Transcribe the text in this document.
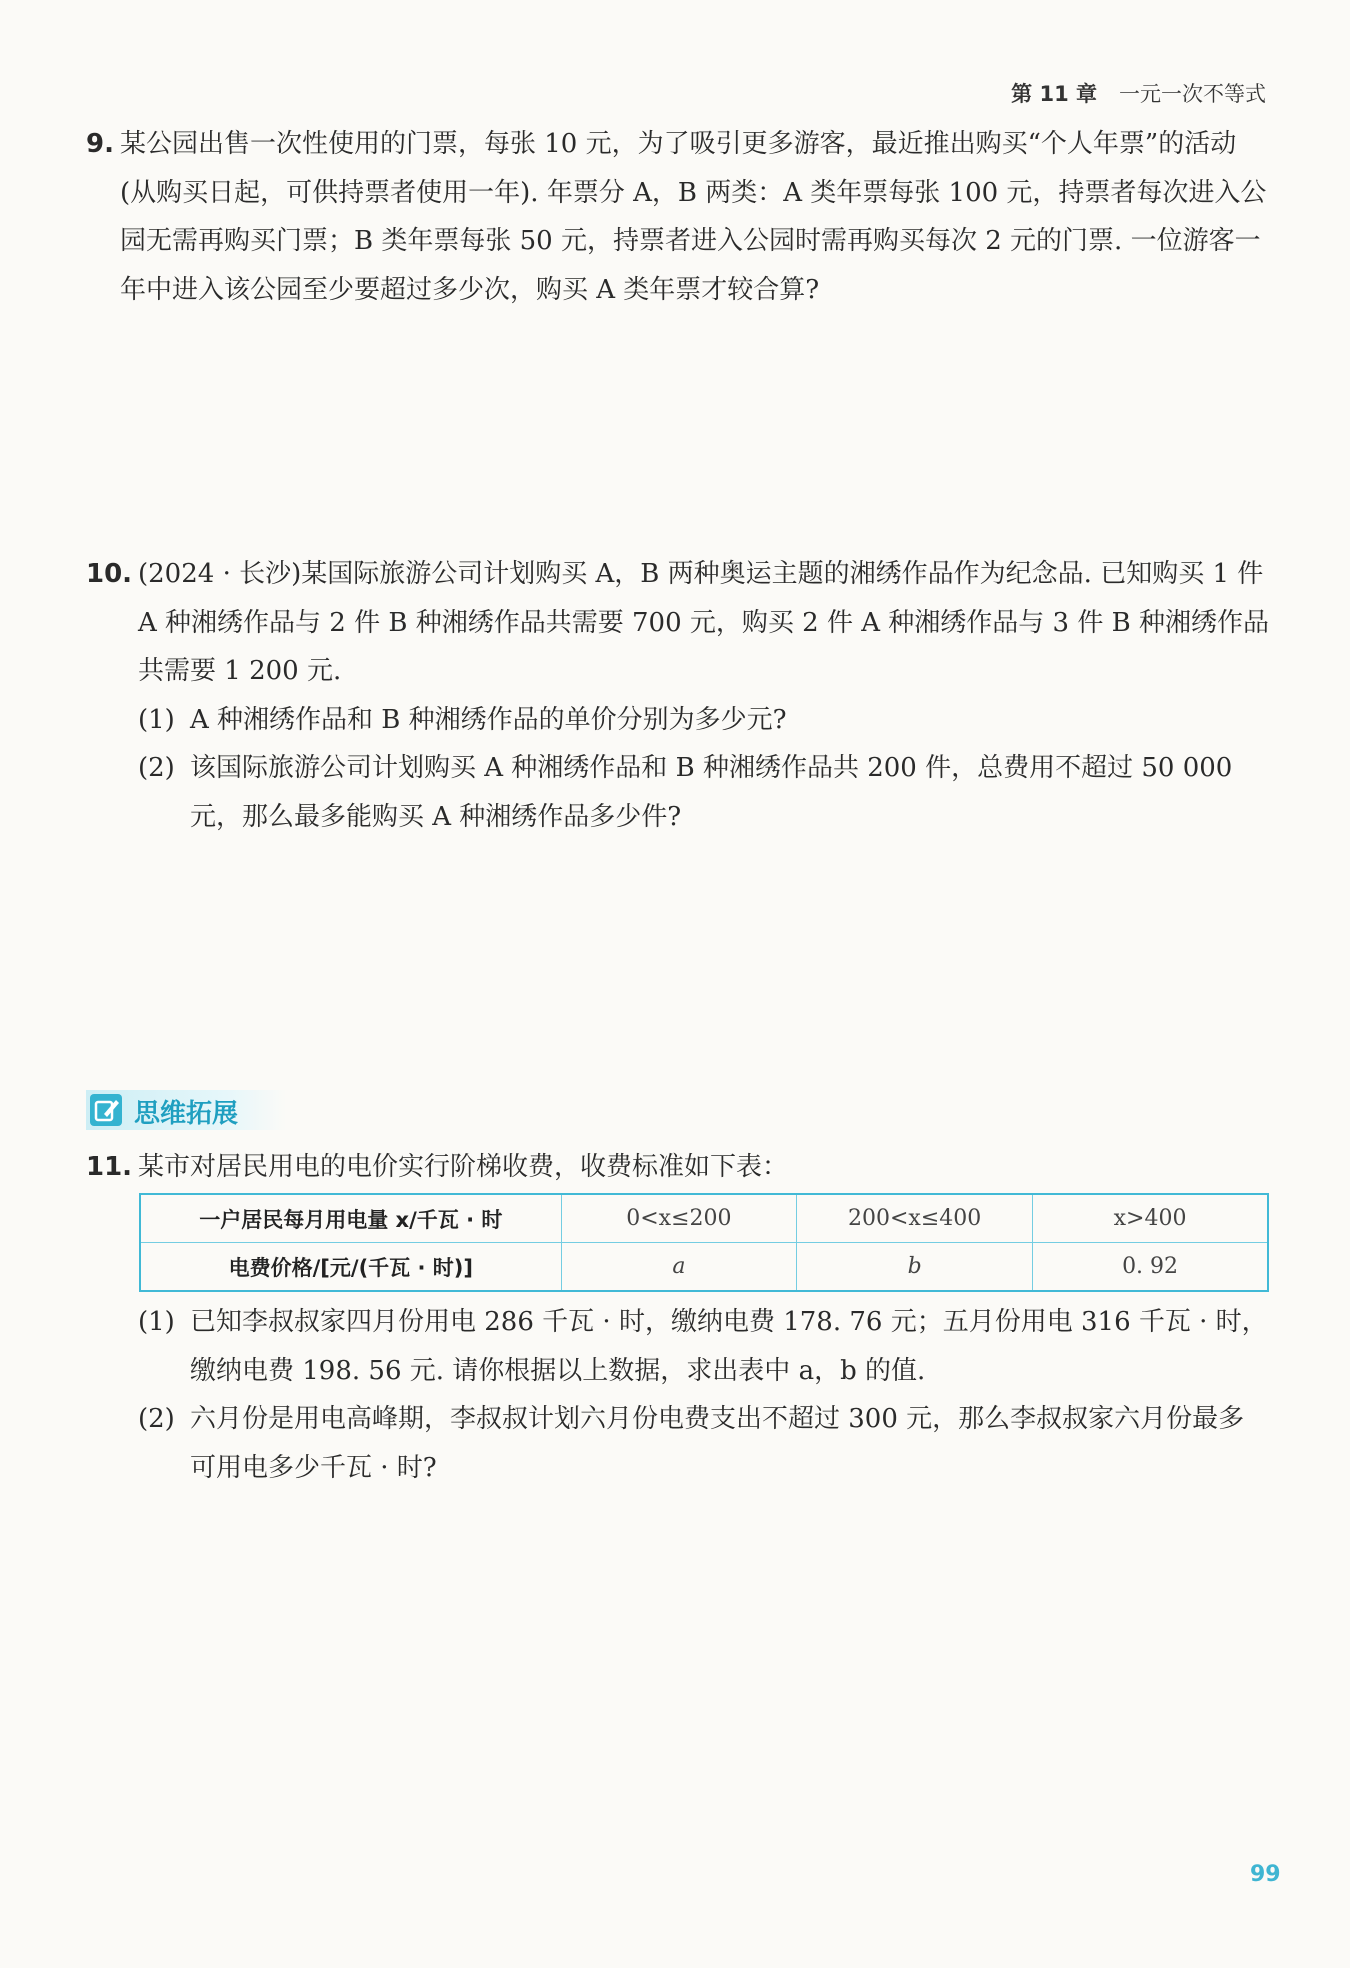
第 11 章 一元一次不等式
9. 某公园出售一次性使用的门票，每张 10 元，为了吸引更多游客，最近推出购买“个人年票”的活动(从购买日起，可供持票者使用一年). 年票分 A，B 两类：A 类年票每张 100 元，持票者每次进入公园无需再购买门票；B 类年票每张 50 元，持票者进入公园时需再购买每次 2 元的门票. 一位游客一年中进入该公园至少要超过多少次，购买 A 类年票才较合算?

10. (2024 · 长沙)某国际旅游公司计划购买 A，B 两种奥运主题的湘绣作品作为纪念品. 已知购买 1 件 A 种湘绣作品与 2 件 B 种湘绣作品共需要 700 元，购买 2 件 A 种湘绣作品与 3 件 B 种湘绣作品共需要 1 200 元.

(1) A 种湘绣作品和 B 种湘绣作品的单价分别为多少元?

(2) 该国际旅游公司计划购买 A 种湘绣作品和 B 种湘绣作品共 200 件，总费用不超过 50 000 元，那么最多能购买 A 种湘绣作品多少件?

思维拓展
11. 某市对居民用电的电价实行阶梯收费，收费标准如下表：

一户居民每月用电量 x/千瓦 · 时	0<x≤200	200<x≤400	x>400
电费价格/[元/(千瓦 · 时)]	a	b	0. 92

(1) 已知李叔叔家四月份用电 286 千瓦 · 时，缴纳电费 178. 76 元；五月份用电 316 千瓦 · 时，缴纳电费 198. 56 元. 请你根据以上数据，求出表中 a，b 的值.

(2) 六月份是用电高峰期，李叔叔计划六月份电费支出不超过 300 元，那么李叔叔家六月份最多可用电多少千瓦 · 时?

99
